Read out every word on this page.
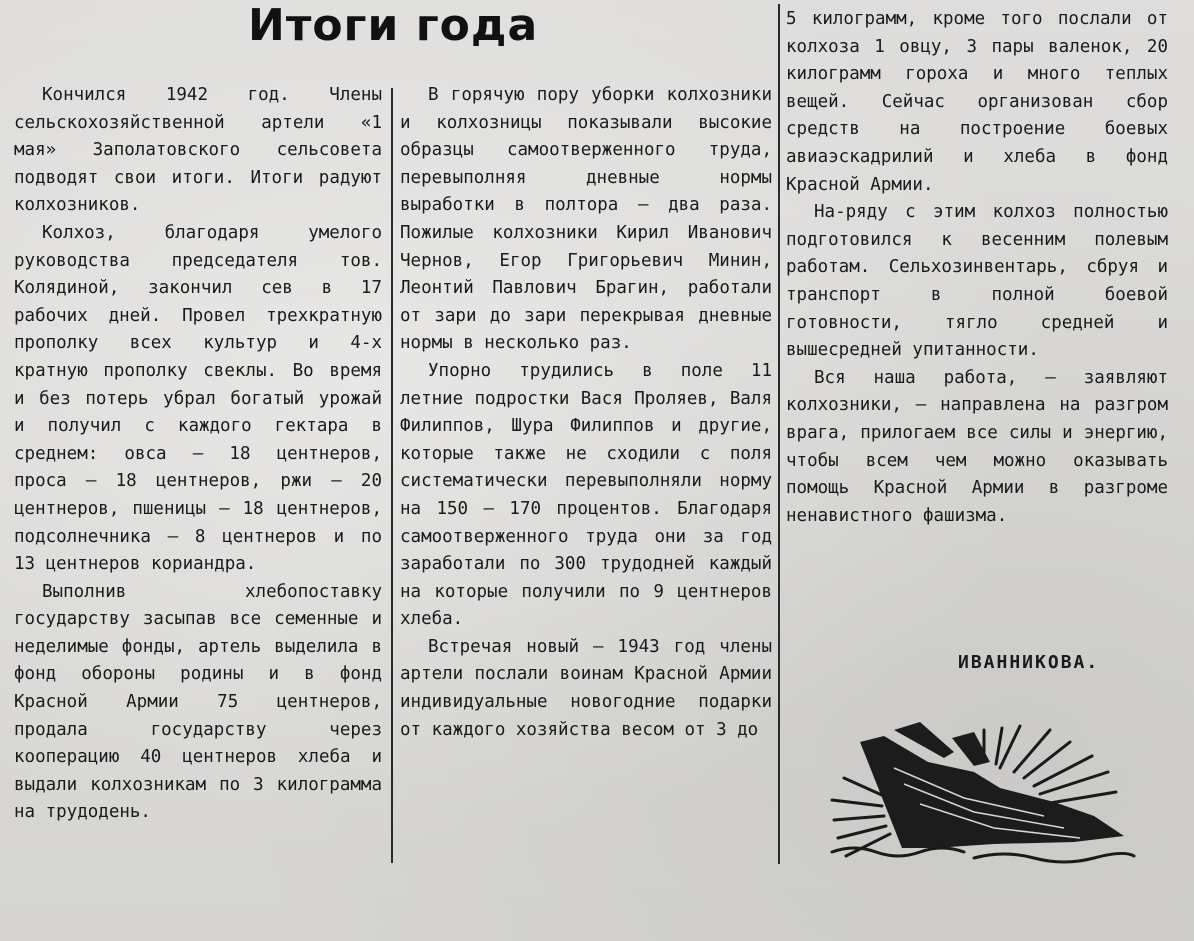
Итоги года

Кончился 1942 год. Члены сельскохозяйственной артели «1 мая» Заполатовского сельсовета подводят свои итоги. Итоги радуют колхозников.

Колхоз, благодаря умелого руководства председателя тов. Колядиной, закончил сев в 17 рабочих дней. Провел трехкратную прополку всех культур и 4-х кратную прополку свеклы. Во время и без потерь убрал богатый урожай и получил с каждого гектара в среднем: овса — 18 центнеров, проса — 18 центнеров, ржи — 20 центнеров, пшеницы — 18 центнеров, подсолнечника — 8 центнеров и по 13 центнеров кориандра.

Выполнив хлебопоставку государству засыпав все семенные и неделимые фонды, артель выделила в фонд обороны родины и в фонд Красной Армии 75 центнеров, продала государству через кооперацию 40 центнеров хлеба и выдали колхозникам по 3 килограмма на трудодень.

В горячую пору уборки колхозники и колхозницы показывали высокие образцы самоотверженного труда, перевыполняя дневные нормы выработки в полтора — два раза. Пожилые колхозники Кирил Иванович Чернов, Егор Григорьевич Минин, Леонтий Павлович Брагин, работали от зари до зари перекрывая дневные нормы в несколько раз.

Упорно трудились в поле 11 летние подростки Вася Проляев, Валя Филиппов, Шура Филиппов и другие, которые также не сходили с поля систематически перевыполняли норму на 150 — 170 процентов. Благодаря самоотверженного труда они за год заработали по 300 трудодней каждый на которые получили по 9 центнеров хлеба.

Встречая новый — 1943 год члены артели послали воинам Красной Армии индивидуальные новогодние подарки от каждого хозяйства весом от 3 до

5 килограмм, кроме того послали от колхоза 1 овцу, 3 пары валенок, 20 килограмм гороха и много теплых вещей. Сейчас организован сбор средств на построение боевых авиаэскадрилий и хлеба в фонд Красной Армии.

На-ряду с этим колхоз полностью подготовился к весенним полевым работам. Сельхозинвентарь, сбруя и транспорт в полной боевой готовности, тягло средней и вышесредней упитанности.

Вся наша работа, — заявляют колхозники, — направлена на разгром врага, прилогаем все силы и энергию, чтобы всем чем можно оказывать помощь Красной Армии в разгроме ненавистного фашизма.

ИВАННИКОВА.
